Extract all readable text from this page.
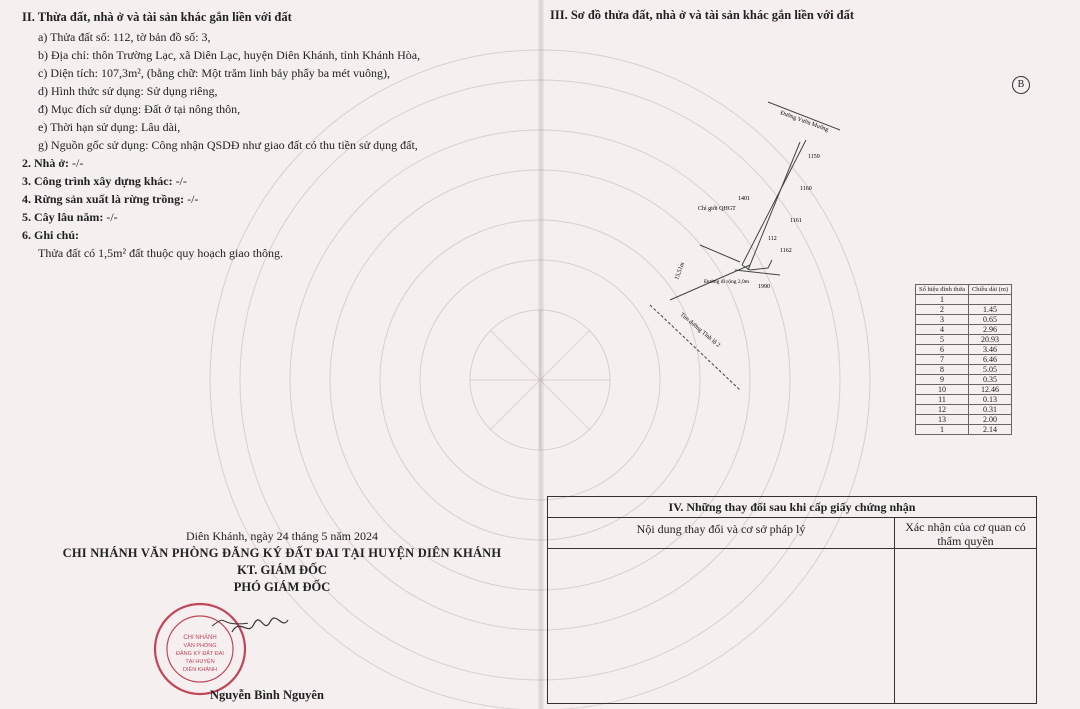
II. Thừa đất, nhà ở và tài sản khác gắn liền với đất
a) Thửa đất số: 112, tờ bản đồ số: 3,
b) Địa chỉ: thôn Trường Lạc, xã Diên Lạc, huyện Diên Khánh, tỉnh Khánh Hòa,
c) Diện tích: 107,3m², (bằng chữ: Một trăm linh bảy phẩy ba mét vuông),
d) Hình thức sử dụng: Sử dụng riêng,
đ) Mục đích sử dụng: Đất ở tại nông thôn,
e) Thời hạn sử dụng: Lâu dài,
g) Nguồn gốc sử dụng: Công nhận QSDĐ như giao đất có thu tiền sử dụng đất,
2. Nhà ở: -/-
3. Công trình xây dựng khác: -/-
4. Rừng sản xuất là rừng trồng: -/-
5. Cây lâu năm: -/-
6. Ghi chú:
Thửa đất có 1,5m² đất thuộc quy hoạch giao thông.
Diên Khánh, ngày 24 tháng 5 năm 2024
CHI NHÁNH VĂN PHÒNG ĐĂNG KÝ ĐẤT ĐAI TẠI HUYỆN DIÊN KHÁNH
KT. GIÁM ĐỐC
PHÓ GIÁM ĐỐC
CHI NHÁNH
VĂN PHÒNG
ĐĂNG KÝ ĐẤT ĐAI
TẠI HUYỆN
DIÊN KHÁNH
Nguyễn Bình Nguyên
III. Sơ đồ thửa đất, nhà ở và tài sản khác gắn liền với đất
B
Đường Vườn Muống
Tim đường Tỉnh lộ 2
Chỉ giới QHGT
Đường đi rộng 2,0m
15,51m
1401
1159
1160
1161
1162
1990
112
Số hiệu đỉnh thửa	Chiều dài (m)
1	
2	1.45
3	0.65
4	2.96
5	20.93
6	3.46
7	6.46
8	5.05
9	0.35
10	12.46
11	0.13
12	0.31
13	2.00
1	2.14
IV. Những thay đổi sau khi cấp giấy chứng nhận
Nội dung thay đổi và cơ sở pháp lý	Xác nhận của cơ quan có thẩm quyền
